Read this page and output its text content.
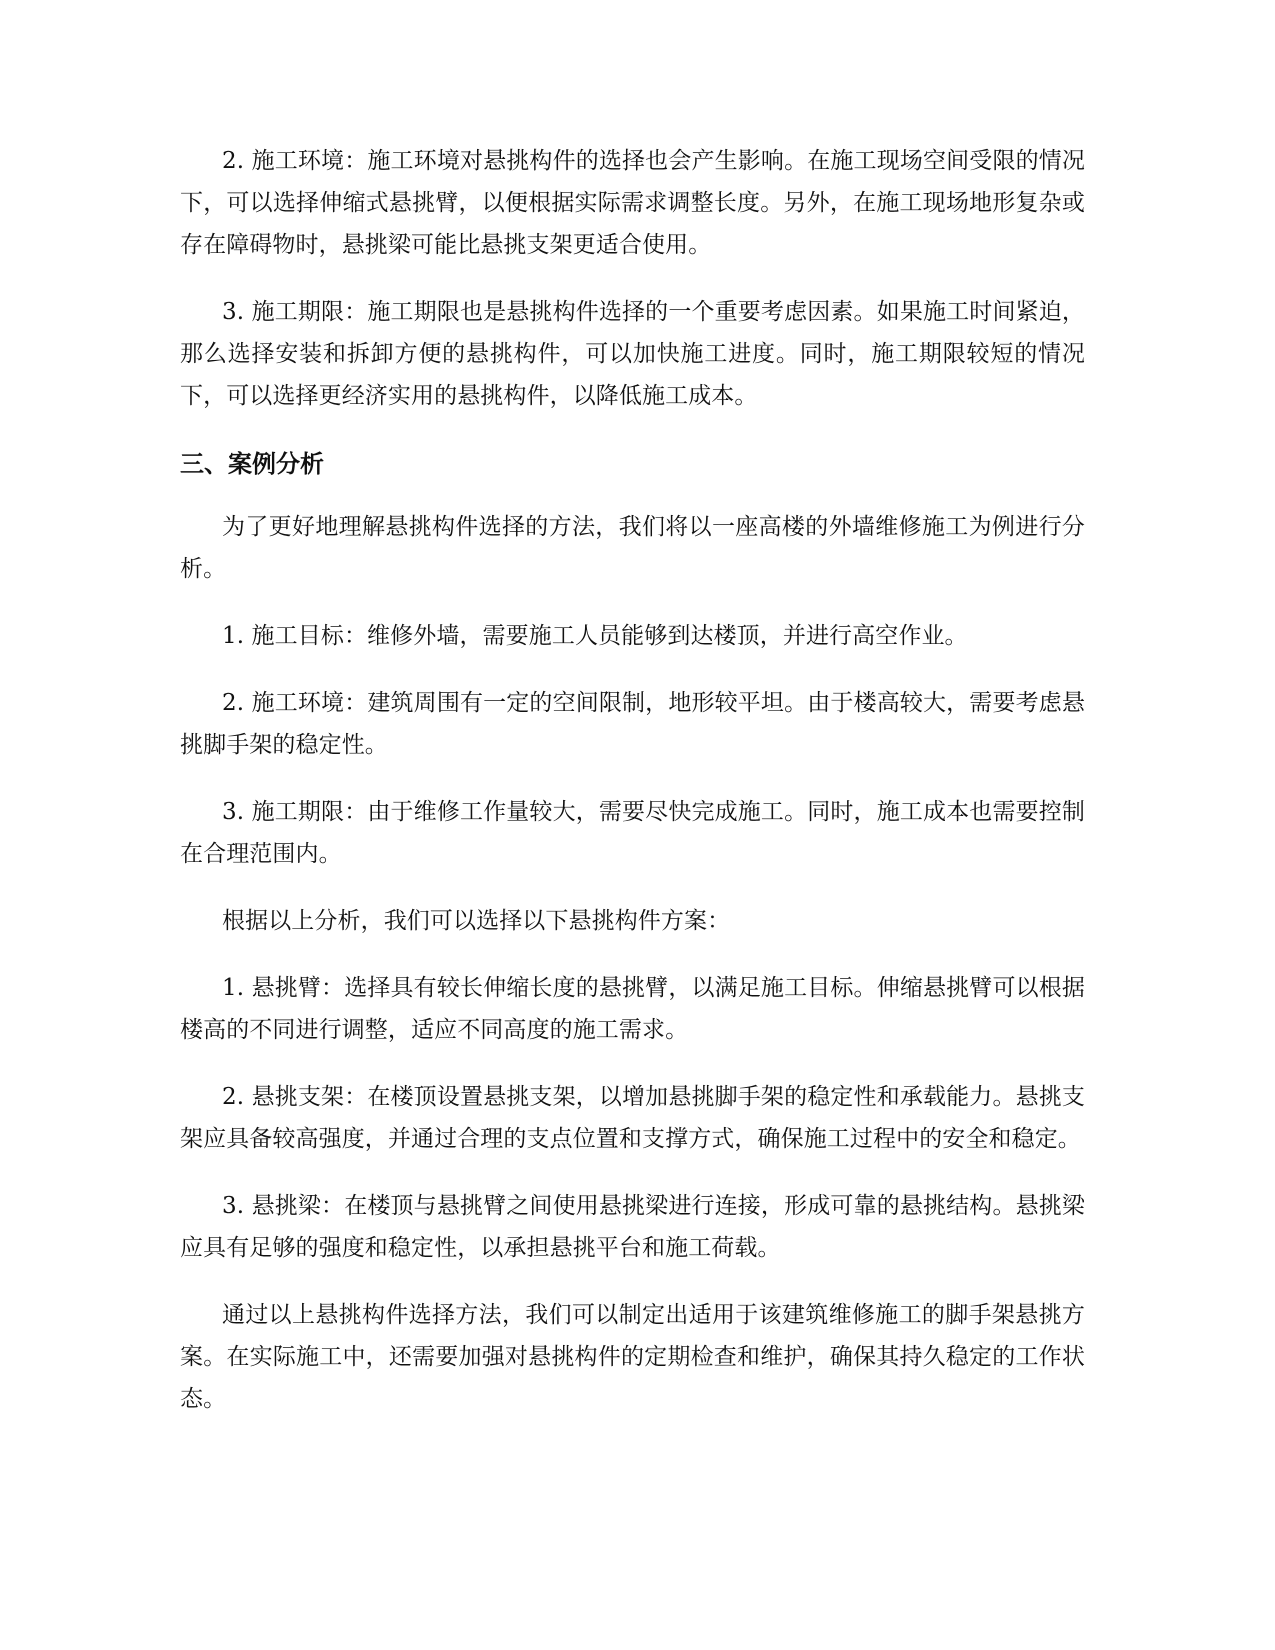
2. 施工环境：施工环境对悬挑构件的选择也会产生影响。在施工现场空间受限的情况下，可以选择伸缩式悬挑臂，以便根据实际需求调整长度。另外，在施工现场地形复杂或存在障碍物时，悬挑梁可能比悬挑支架更适合使用。

3. 施工期限：施工期限也是悬挑构件选择的一个重要考虑因素。如果施工时间紧迫，那么选择安装和拆卸方便的悬挑构件，可以加快施工进度。同时，施工期限较短的情况下，可以选择更经济实用的悬挑构件，以降低施工成本。

三、案例分析

为了更好地理解悬挑构件选择的方法，我们将以一座高楼的外墙维修施工为例进行分析。

1. 施工目标：维修外墙，需要施工人员能够到达楼顶，并进行高空作业。

2. 施工环境：建筑周围有一定的空间限制，地形较平坦。由于楼高较大，需要考虑悬挑脚手架的稳定性。

3. 施工期限：由于维修工作量较大，需要尽快完成施工。同时，施工成本也需要控制在合理范围内。

根据以上分析，我们可以选择以下悬挑构件方案：

1. 悬挑臂：选择具有较长伸缩长度的悬挑臂，以满足施工目标。伸缩悬挑臂可以根据楼高的不同进行调整，适应不同高度的施工需求。

2. 悬挑支架：在楼顶设置悬挑支架，以增加悬挑脚手架的稳定性和承载能力。悬挑支架应具备较高强度，并通过合理的支点位置和支撑方式，确保施工过程中的安全和稳定。

3. 悬挑梁：在楼顶与悬挑臂之间使用悬挑梁进行连接，形成可靠的悬挑结构。悬挑梁应具有足够的强度和稳定性，以承担悬挑平台和施工荷载。

通过以上悬挑构件选择方法，我们可以制定出适用于该建筑维修施工的脚手架悬挑方案。在实际施工中，还需要加强对悬挑构件的定期检查和维护，确保其持久稳定的工作状态。
